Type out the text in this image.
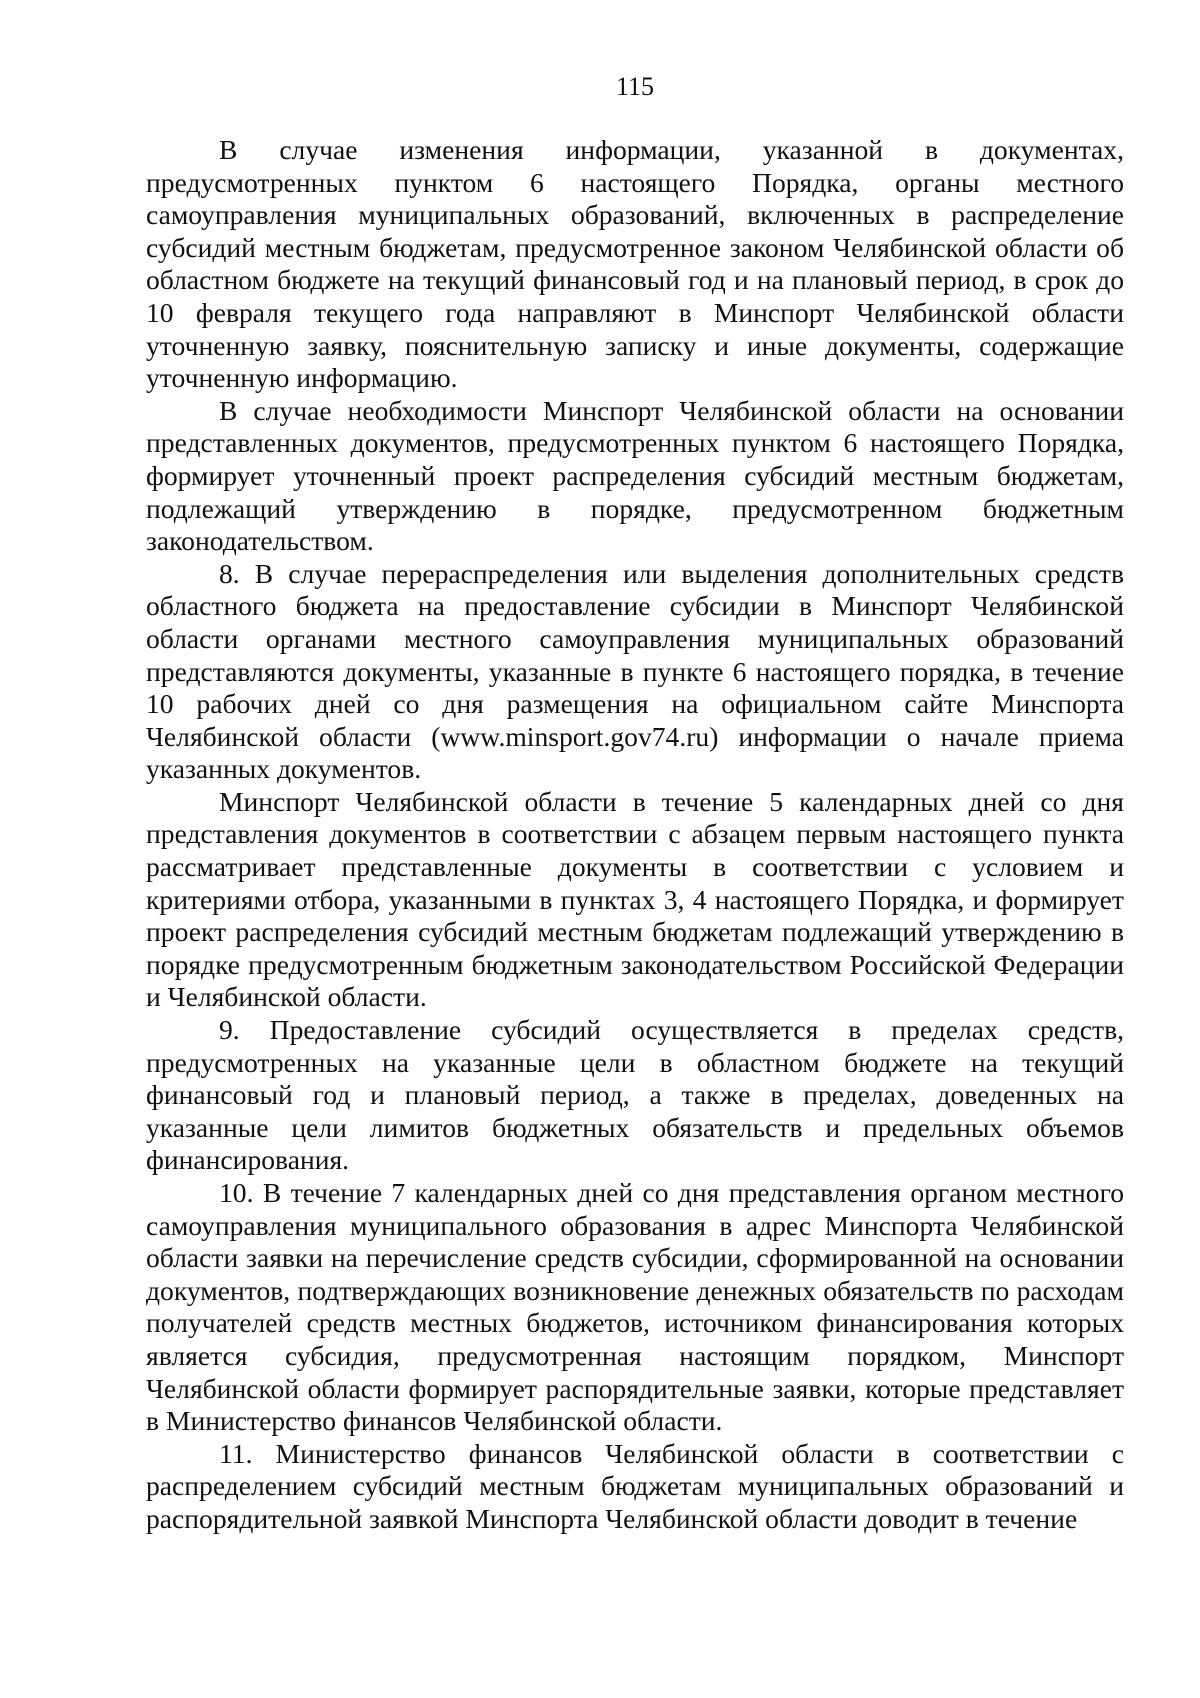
115

В случае изменения информации, указанной в документах, предусмотренных пунктом 6 настоящего Порядка, органы местного самоуправления муниципальных образований, включенных в распределение субсидий местным бюджетам, предусмотренное законом Челябинской области об областном бюджете на текущий финансовый год и на плановый период, в срок до 10 февраля текущего года направляют в Минспорт Челябинской области уточненную заявку, пояснительную записку и иные документы, содержащие уточненную информацию.

В случае необходимости Минспорт Челябинской области на основании представленных документов, предусмотренных пунктом 6 настоящего Порядка, формирует уточненный проект распределения субсидий местным бюджетам, подлежащий утверждению в порядке, предусмотренном бюджетным законодательством.

8. В случае перераспределения или выделения дополнительных средств областного бюджета на предоставление субсидии в Минспорт Челябинской области органами местного самоуправления муниципальных образований представляются документы, указанные в пункте 6 настоящего порядка, в течение 10 рабочих дней со дня размещения на официальном сайте Минспорта Челябинской области (www.minsport.gov74.ru) информации о начале приема указанных документов.

Минспорт Челябинской области в течение 5 календарных дней со дня представления документов в соответствии с абзацем первым настоящего пункта рассматривает представленные документы в соответствии с условием и критериями отбора, указанными в пунктах 3, 4 настоящего Порядка, и формирует проект распределения субсидий местным бюджетам подлежащий утверждению в порядке предусмотренным бюджетным законодательством Российской Федерации и Челябинской области.

9. Предоставление субсидий осуществляется в пределах средств, предусмотренных на указанные цели в областном бюджете на текущий финансовый год и плановый период, а также в пределах, доведенных на указанные цели лимитов бюджетных обязательств и предельных объемов финансирования.

10. В течение 7 календарных дней со дня представления органом местного самоуправления муниципального образования в адрес Минспорта Челябинской области заявки на перечисление средств субсидии, сформированной на основании документов, подтверждающих возникновение денежных обязательств по расходам получателей средств местных бюджетов, источником финансирования которых является субсидия, предусмотренная настоящим порядком, Минспорт Челябинской области формирует распорядительные заявки, которые представляет в Министерство финансов Челябинской области.

11. Министерство финансов Челябинской области в соответствии с распределением субсидий местным бюджетам муниципальных образований и распорядительной заявкой Минспорта Челябинской области доводит в течение
